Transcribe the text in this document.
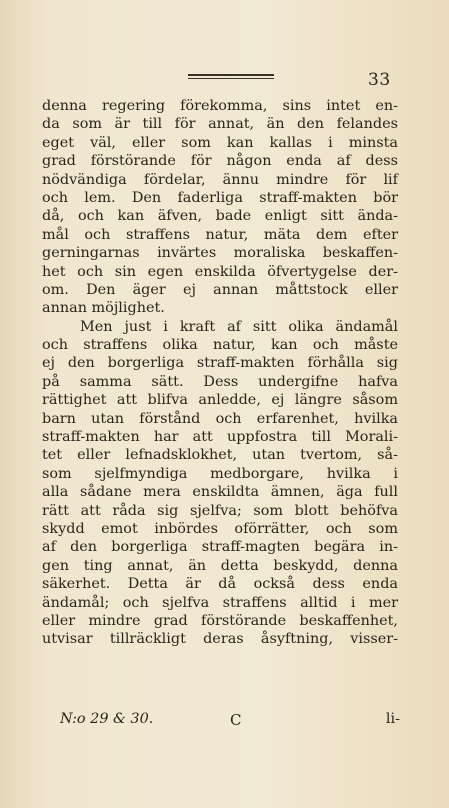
33
denna regering förekomma, sins intet en-
da som är till för annat, än den felandes
eget väl, eller som kan kallas i minsta
grad förstörande för någon enda af dess
nödvändiga fördelar, ännu mindre för lif
och lem. Den faderliga straff-makten bör
då, och kan äfven, bade enligt sitt ända-
mål och straffens natur, mäta dem efter
gerningarnas invärtes moraliska beskaffen-
het och sin egen enskilda öfvertygelse der-
om. Den äger ej annan måttstock eller
annan möjlighet.
Men just i kraft af sitt olika ändamål
och straffens olika natur, kan och måste
ej den borgerliga straff-makten förhålla sig
på samma sätt. Dess undergifne hafva
rättighet att blifva anledde, ej längre såsom
barn utan förstånd och erfarenhet, hvilka
straff-makten har att uppfostra till Morali-
tet eller lefnadsklokhet, utan tvertom, så-
som sjelfmyndiga medborgare, hvilka i
alla sådane mera enskildta ämnen, äga full
rätt att råda sig sjelfva; som blott behöfva
skydd emot inbördes oförrätter, och som
af den borgerliga straff-magten begära in-
gen ting annat, än detta beskydd, denna
säkerhet. Detta är då också dess enda
ändamål; och sjelfva straffens alltid i mer
eller mindre grad förstörande beskaffenhet,
utvisar tillräckligt deras åsyftning, visser-
N:o 29 & 30.	C	li-
